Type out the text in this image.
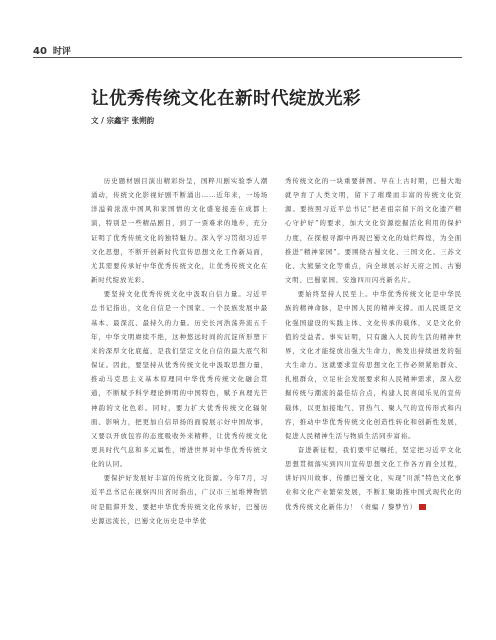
40 时评
让优秀传统文化在新时代绽放光彩
文 / 宗鑫宇 张朔韵

历史题材剧目演出精彩纷呈，国粹川剧实验季人潮涌动，传统文化影视好剧不断涌出……近年来，一场场洋溢着浓浓中国风和家国情的文化盛宴接连在成都上演，特别是一些精品剧目，到了一票难求的地步，充分证明了优秀传统文化的独特魅力。深入学习贯彻习近平文化思想，不断开创新时代宣传思想文化工作新局面，尤其需要传承好中华优秀传统文化，让优秀传统文化在新时代绽放光彩。

要坚持文化优秀传统文化中汲取自信力量。习近平总书记指出，文化自信是一个国家、一个民族发展中最基本、最深沉、最持久的力量。历史长河浩荡奔流五千年，中华文明赓续不绝，这种悠远时间的沉淀所形塑下来的深厚文化底蕴，是我们坚定文化自信的最大底气和保证。因此，要坚持从优秀传统文化中汲取思想力量，推动马克思主义基本原理同中华优秀传统文化融会贯通，不断赋予科学理论鲜明的中国特色，赋予真理光芒神韵的文化色彩。同时，要力扩大优秀传统文化辐射面、影响力，把更加自信昂扬的面貌展示好中国故事，又要以开放包容的态度吸收外来精粹，让优秀传统文化更具时代气息和多元属性，增进世界对中华优秀传统文化的认同。

要保护好发展好丰富的传统文化资源。今年7月，习近平总书记在视察四川省时指出，广汉市三星堆博物馆时是阻滞开发、要把中华优秀传统文化传承好，巴蜀历史源远流长，巴蜀文化历史是中华优

秀传统文化的一块重要拼图。早在上古时期，巴蜀大地就孕育了人类文明，留下了璀璨而丰富的传统文化资源。要按照习近平总书记“把老祖宗留下的文化遗产精心守护好”的要求，加大文化资源挖掘活化利用的保护力度，在探根寻源中再现巴蜀文化的灿烂辉煌，为全面推进“精神家园”。要围绕古蜀文化、三国文化、三苏文化、大熊猫文化等重点，向全球展示好天府之国、古蜀文明、巴蜀家园、安逸四川闪亮新名片。

要始终坚持人民至上。中华优秀传统文化是中华民族的精神命脉，是中国人民的精神支撑。而人民既是文化强国建设的实践主体、文化传承的载体，又是文化价值的受益者。事实证明，只有融入人民的生活的精神世界，文化才能绽放出强大生命力，焕发出持续迸发的强大生命力。这就要求宣传思想文化工作必须紧贴群众、扎根群众，立足社会发展要求和人民精神需求，深入挖掘传统与潮流的最佳结合点，构建人民喜闻乐见的宣传载体，以更加接地气、冒热气、聚人气的宣传形式和内容，推动中华优秀传统文化创造性转化和创新性发展，促进人民精神生活与物质生活同步富裕。

奋进新征程，我们要牢记嘱托，坚定把习近平文化思想贯彻落实到四川宣传思想文化工作各方面全过程，讲好四川故事、传播巴蜀文化，实现“川派”特色文化事业和文化产业繁荣发展，不断汇聚助推中国式现代化的优秀传统文化新伟力！（责编 / 黎梦竹）
